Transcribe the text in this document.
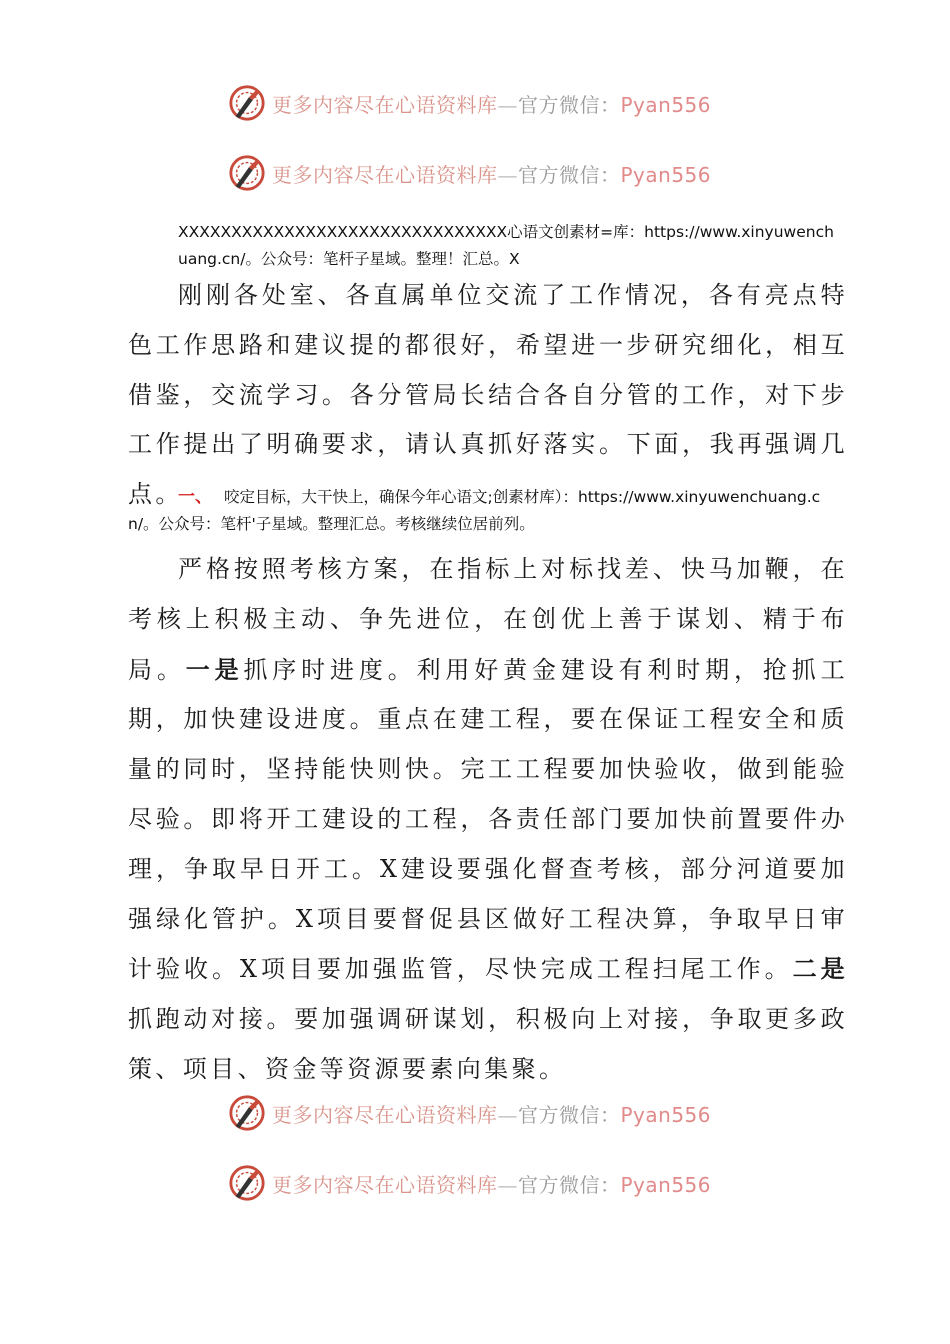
更多内容尽在心语资料库—官方微信：Pyan556
更多内容尽在心语资料库—官方微信：Pyan556
XXXXXXXXXXXXXXXXXXXXXXXXXXXXXXX心语文创素材=库：https://www.xinyuwenchuang.cn/。公众号：笔杆子星域。整理！汇总。X

刚刚各处室、各直属单位交流了工作情况，各有亮点特色工作思路和建议提的都很好，希望进一步研究细化，相互借鉴，交流学习。各分管局长结合各自分管的工作，对下步工作提出了明确要求，请认真抓好落实。下面，我再强调几点。

一、 咬定目标，大干快上，确保今年心语文;创素材库）：https://www.xinyuwenchuang.cn/。公众号：笔杆'子星域。整理汇总。考核继续位居前列。

严格按照考核方案，在指标上对标找差、快马加鞭，在考核上积极主动、争先进位，在创优上善于谋划、精于布局。一是抓序时进度。利用好黄金建设有利时期，抢抓工期，加快建设进度。重点在建工程，要在保证工程安全和质量的同时，坚持能快则快。完工工程要加快验收，做到能验尽验。即将开工建设的工程，各责任部门要加快前置要件办理，争取早日开工。X建设要强化督查考核，部分河道要加强绿化管护。X项目要督促县区做好工程决算，争取早日审计验收。X项目要加强监管，尽快完成工程扫尾工作。二是抓跑动对接。要加强调研谋划，积极向上对接，争取更多政策、项目、资金等资源要素向集聚。

更多内容尽在心语资料库—官方微信：Pyan556
更多内容尽在心语资料库—官方微信：Pyan556
